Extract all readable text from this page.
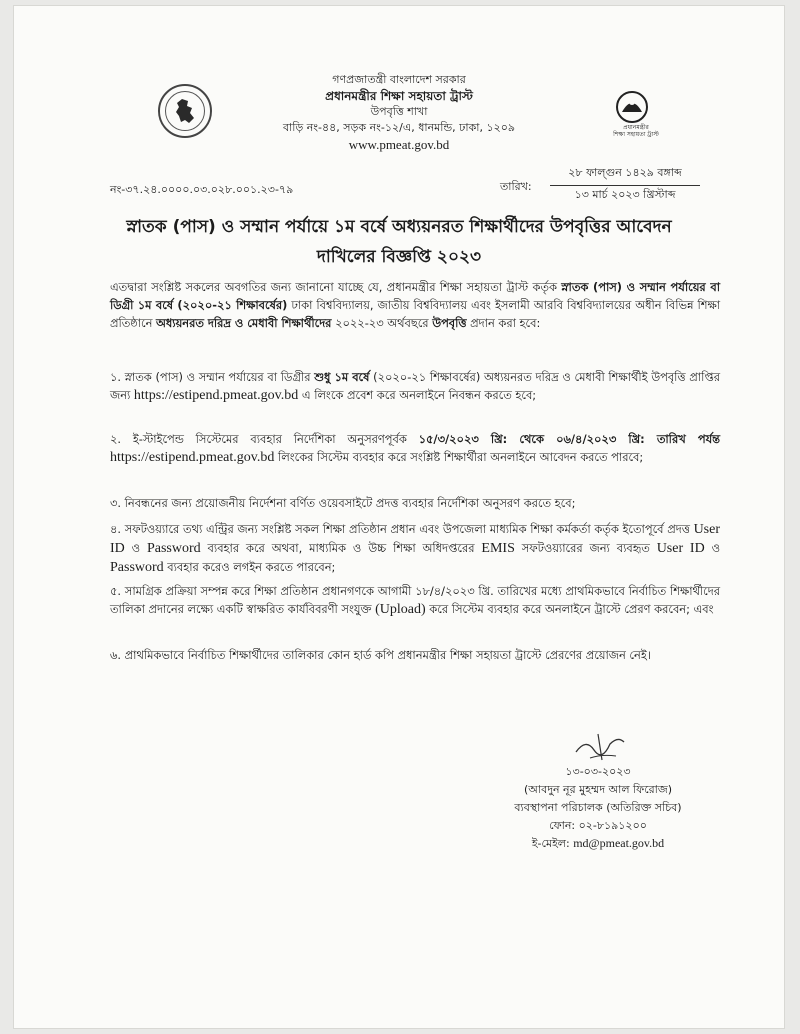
প্রধানমন্ত্রীর
শিক্ষা সহায়তা ট্রাস্ট
গণপ্রজাতন্ত্রী বাংলাদেশ সরকার
প্রধানমন্ত্রীর শিক্ষা সহায়তা ট্রাস্ট
উপবৃত্তি শাখা
বাড়ি নং-৪৪, সড়ক নং-১২/এ, ধানমন্ডি, ঢাকা, ১২০৯
www.pmeat.gov.bd
নং-৩৭.২৪.০০০০.০৩.০২৮.০০১.২৩-৭৯	তারিখ:
২৮ ফাল্গুন ১৪২৯ বঙ্গাব্দ
১৩ মার্চ ২০২৩ খ্রিস্টাব্দ
স্নাতক (পাস) ও সম্মান পর্যায়ে ১ম বর্ষে অধ্যয়নরত শিক্ষার্থীদের উপবৃত্তির আবেদন
দাখিলের বিজ্ঞপ্তি ২০২৩
এতদ্বারা সংশ্লিষ্ট সকলের অবগতির জন্য জানানো যাচ্ছে যে, প্রধানমন্ত্রীর শিক্ষা সহায়তা ট্রাস্ট কর্তৃক স্নাতক (পাস) ও সম্মান পর্যায়ের বা ডিগ্রী ১ম বর্ষে (২০২০-২১ শিক্ষাবর্ষের) ঢাকা বিশ্ববিদ্যালয়, জাতীয় বিশ্ববিদ্যালয় এবং ইসলামী আরবি বিশ্ববিদ্যালয়ের অধীন বিভিন্ন শিক্ষা প্রতিষ্ঠানে অধ্যয়নরত দরিদ্র ও মেধাবী শিক্ষার্থীদের ২০২২-২৩ অর্থবছরে উপবৃত্তি প্রদান করা হবে:
১. স্নাতক (পাস) ও সম্মান পর্যায়ের বা ডিগ্রীর শুধু ১ম বর্ষে (২০২০-২১ শিক্ষাবর্ষের) অধ্যয়নরত দরিদ্র ও মেধাবী শিক্ষার্থীই উপবৃত্তি প্রাপ্তির জন্য https://estipend.pmeat.gov.bd এ লিংকে প্রবেশ করে অনলাইনে নিবন্ধন করতে হবে;
২. ই-স্টাইপেন্ড সিস্টেমের ব্যবহার নির্দেশিকা অনুসরণপূর্বক ১৫/৩/২০২৩ খ্রি: থেকে ০৬/৪/২০২৩ খ্রি: তারিখ পর্যন্ত https://estipend.pmeat.gov.bd লিংকের সিস্টেম ব্যবহার করে সংশ্লিষ্ট শিক্ষার্থীরা অনলাইনে আবেদন করতে পারবে;
৩. নিবন্ধনের জন্য প্রয়োজনীয় নির্দেশনা বর্ণিত ওয়েবসাইটে প্রদত্ত ব্যবহার নির্দেশিকা অনুসরণ করতে হবে;
৪. সফটওয়্যারে তথ্য এন্ট্রির জন্য সংশ্লিষ্ট সকল শিক্ষা প্রতিষ্ঠান প্রধান এবং উপজেলা মাধ্যমিক শিক্ষা কর্মকর্তা কর্তৃক ইতোপূর্বে প্রদত্ত User ID ও Password ব্যবহার করে অথবা, মাধ্যমিক ও উচ্চ শিক্ষা অধিদপ্তরের EMIS সফটওয়্যারের জন্য ব্যবহৃত User ID ও Password ব্যবহার করেও লগইন করতে পারবেন;
৫. সামগ্রিক প্রক্রিয়া সম্পন্ন করে শিক্ষা প্রতিষ্ঠান প্রধানগণকে আগামী ১৮/৪/২০২৩ খ্রি. তারিখের মধ্যে প্রাথমিকভাবে নির্বাচিত শিক্ষার্থীদের তালিকা প্রদানের লক্ষ্যে একটি স্বাক্ষরিত কার্যবিবরণী সংযুক্ত (Upload) করে সিস্টেম ব্যবহার করে অনলাইনে ট্রাস্টে প্রেরণ করবেন; এবং
৬. প্রাথমিকভাবে নির্বাচিত শিক্ষার্থীদের তালিকার কোন হার্ড কপি প্রধানমন্ত্রীর শিক্ষা সহায়তা ট্রাস্টে প্রেরণের প্রয়োজন নেই।
১৩-০৩-২০২৩
(আবদুন নূর মুহম্মদ আল ফিরোজ)
ব্যবস্থাপনা পরিচালক (অতিরিক্ত সচিব)
ফোন: ০২-৮১৯১২০০
ই-মেইল: md@pmeat.gov.bd
